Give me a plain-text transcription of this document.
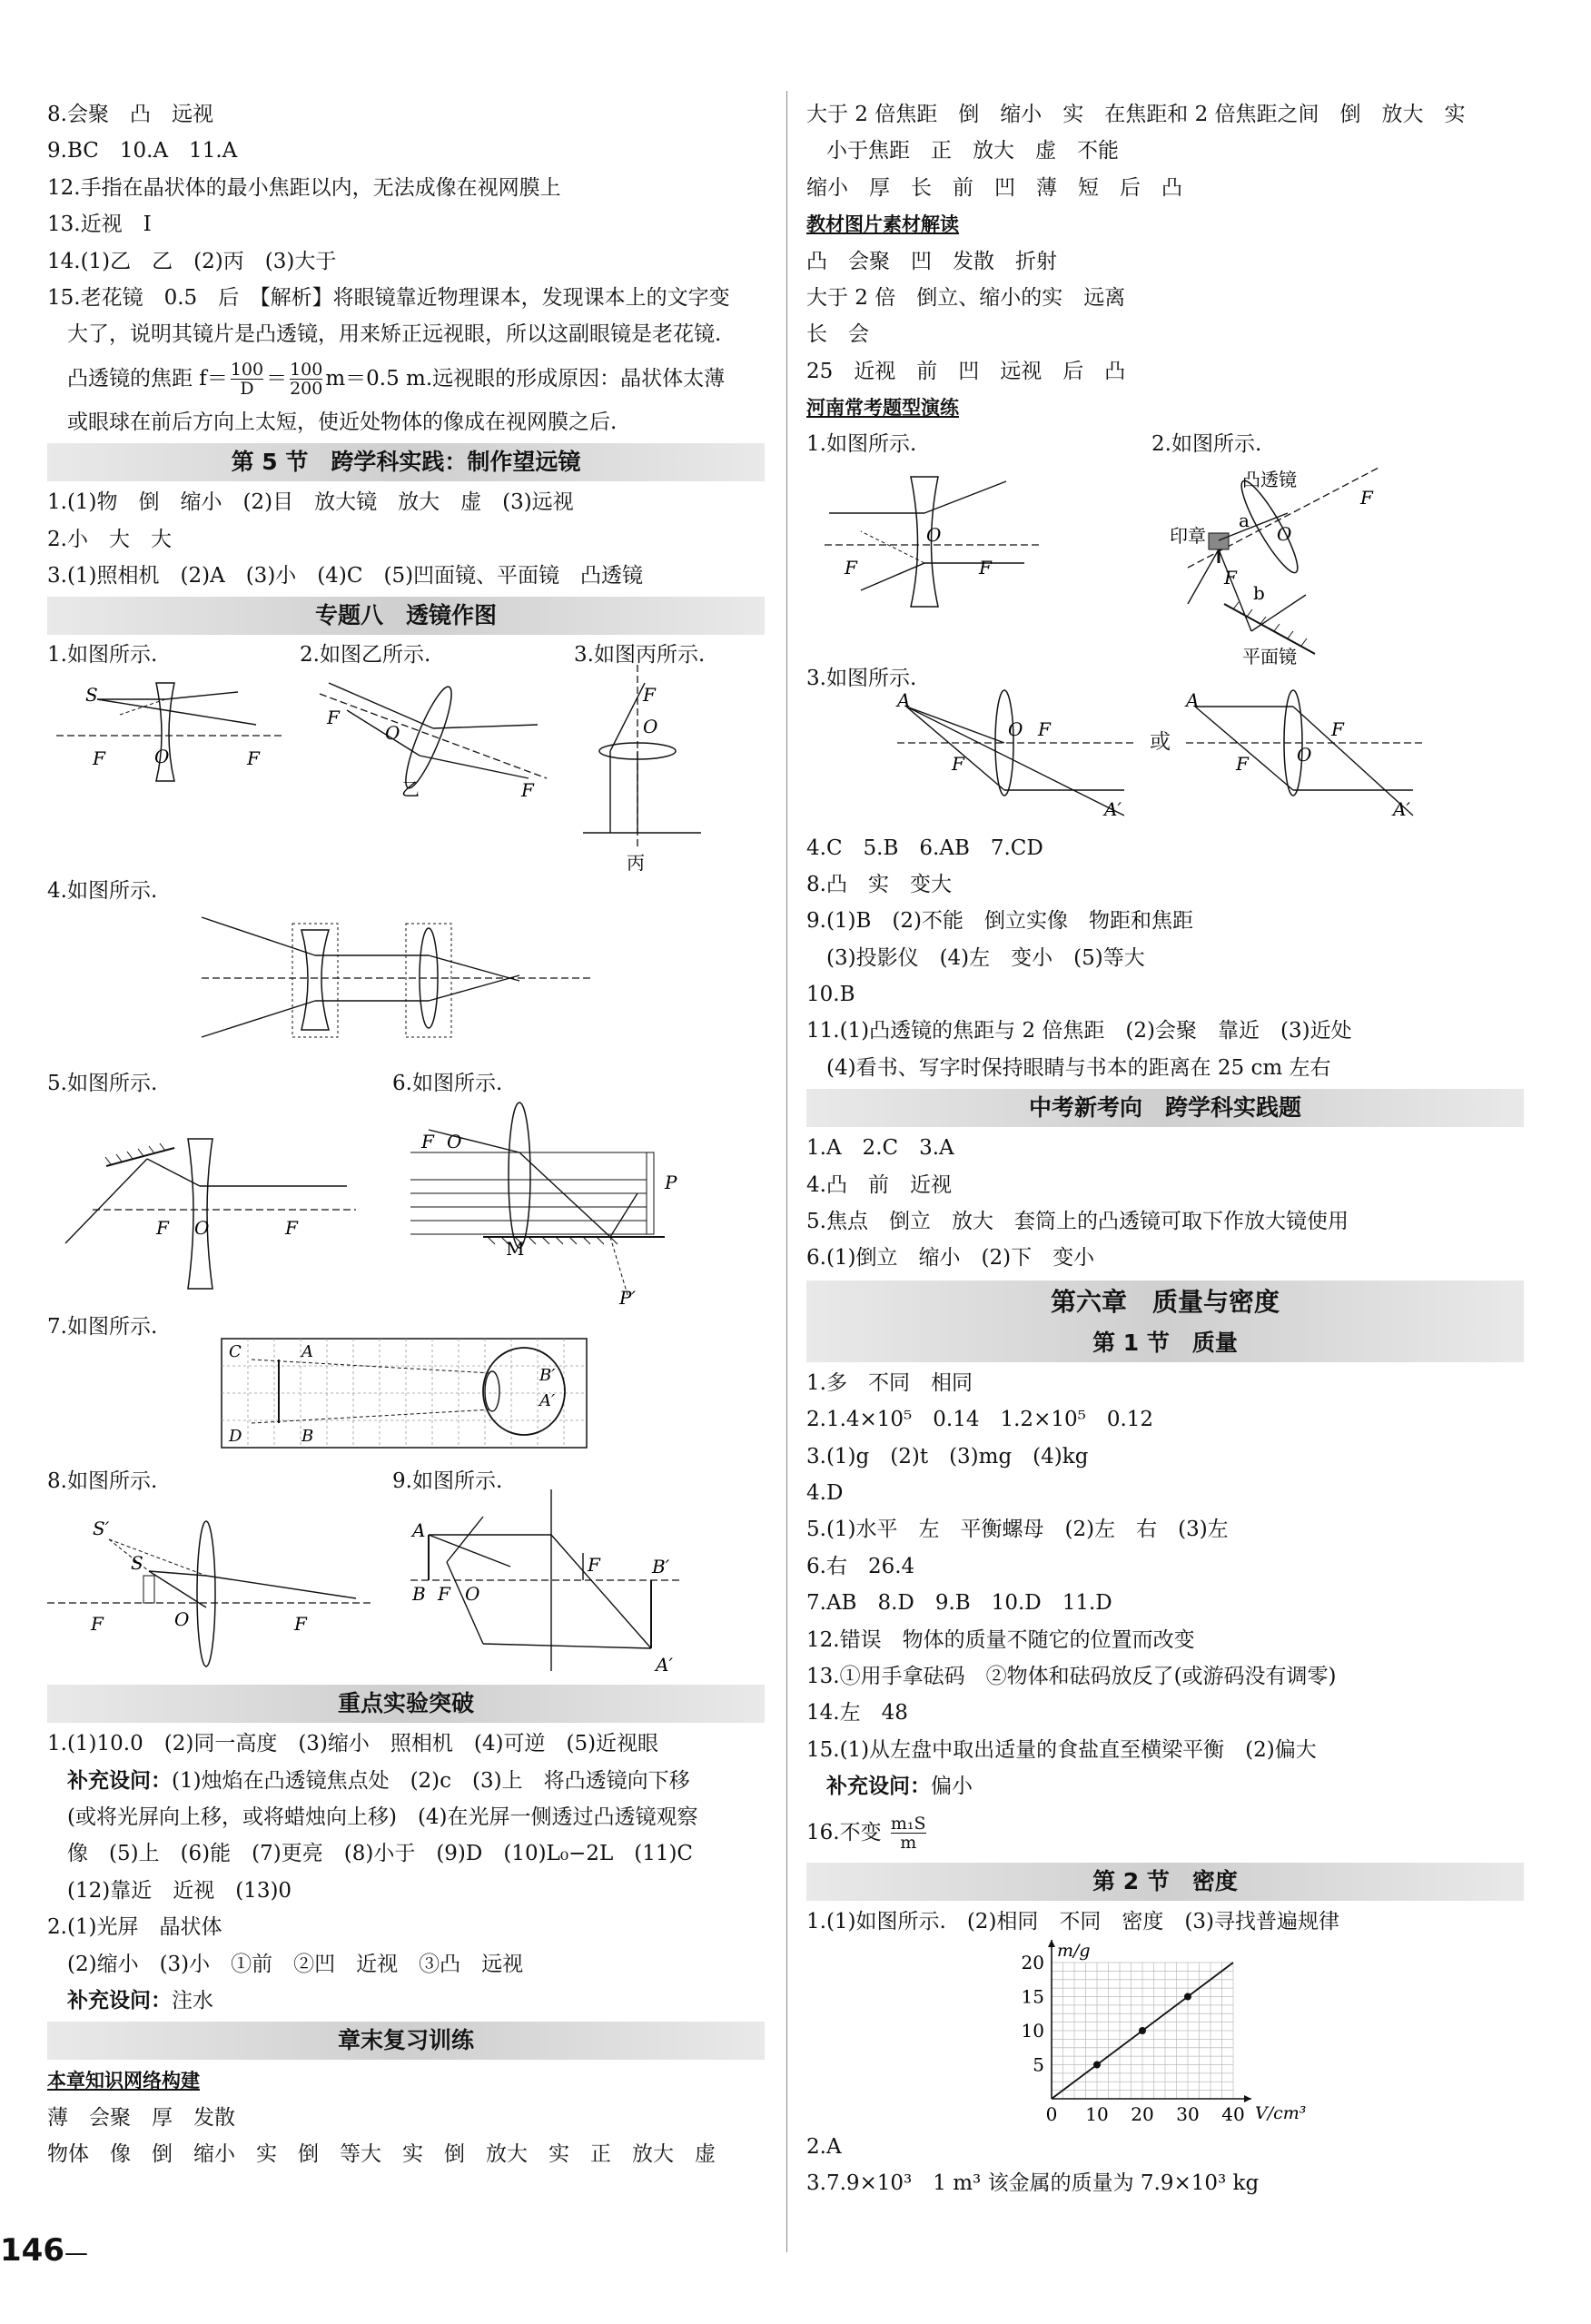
8.会聚　凸　远视
9.BC　10.A　11.A
12.手指在晶状体的最小焦距以内，无法成像在视网膜上
13.近视　Ⅰ
14.(1)乙　乙　(2)丙　(3)大于
15.老花镜　0.5　后　【解析】将眼镜靠近物理课本，发现课本上的文字变
大了，说明其镜片是凸透镜，用来矫正远视眼，所以这副眼镜是老花镜.
凸透镜的焦距 $f= \frac{100}{D} = \frac{100}{200} m=0.5$ m.远视眼的形成原因：晶状体太薄
或眼球在前后方向上太短，使近处物体的像成在视网膜之后.
第 5 节　跨学科实践：制作望远镜
1.(1)物　倒　缩小　(2)目　放大镜　放大　虚　(3)远视
2.小　大　大
3.(1)照相机　(2)A　(3)小　(4)C　(5)凹面镜、平面镜　凸透镜
专题八　透镜作图
1.如图所示.	2.如图乙所示.	3.如图丙所示.
S
F	O	F
F
O
F
乙
F
O
丙
4.如图所示.
5.如图所示.	6.如图所示.
F O	F
F O
P
P′
M
7.如图所示.
C
D
A
B
B′
A′
8.如图所示.	9.如图所示.
S′
S
F	O	F
A
B F O
F	B′
A′
重点实验突破
1.(1)10.0　(2)同一高度　(3)缩小　照相机　(4)可逆　(5)近视眼
补充设问：(1)烛焰在凸透镜焦点处　(2)c　(3)上　将凸透镜向下移
(或将光屏向上移，或将蜡烛向上移)　(4)在光屏一侧透过凸透镜观察
像　(5)上　(6)能　(7)更亮　(8)小于　(9)D　(10)L₀−2L　(11)C
(12)靠近　近视　(13)0
2.(1)光屏　晶状体
(2)缩小　(3)小　①前　②凹　近视　③凸　远视
补充设问：注水
章末复习训练
本章知识网络构建
薄　会聚　厚　发散
物体　像　倒　缩小　实　倒　等大　实　倒　放大　实　正　放大　虚
大于 2 倍焦距　倒　缩小　实　在焦距和 2 倍焦距之间　倒　放大　实
小于焦距　正　放大　虚　不能
缩小　厚　长　前　凹　薄　短　后　凸
教材图片素材解读
凸　会聚　凹　发散　折射
大于 2 倍　倒立、缩小的实　远离
长　会
25　近视　前　凹　远视　后　凸
河南常考题型演练
1.如图所示.	2.如图所示.
F
O
F
凸透镜
印章
平面镜
a
b
F
O
F
3.如图所示.
A
F
O F
A′
或
A
F	O
F
A′
4.C　5.B　6.AB　7.CD
8.凸　实　变大
9.(1)B　(2)不能　倒立实像　物距和焦距
(3)投影仪　(4)左　变小　(5)等大
10.B
11.(1)凸透镜的焦距与 2 倍焦距　(2)会聚　靠近　(3)近处
(4)看书、写字时保持眼睛与书本的距离在 25 cm 左右
中考新考向　跨学科实践题
1.A　2.C　3.A
4.凸　前　近视
5.焦点　倒立　放大　套筒上的凸透镜可取下作放大镜使用
6.(1)倒立　缩小　(2)下　变小
第六章　质量与密度
第 1 节　质量
1.多　不同　相同
2.1.4×10⁵　0.14　1.2×10⁵　0.12
3.(1)g　(2)t　(3)mg　(4)kg
4.D
5.(1)水平　左　平衡螺母　(2)左　右　(3)左
6.右　26.4
7.AB　8.D　9.B　10.D　11.D
12.错误　物体的质量不随它的位置而改变
13.①用手拿砝码　②物体和砝码放反了(或游码没有调零)
14.左　48
15.(1)从左盘中取出适量的食盐直至横梁平衡　(2)偏大
补充设问：偏小
16.不变 $\frac{\text{m₁S}}{m}$
第 2 节　密度
1.(1)如图所示.　(2)相同　不同　密度　(3)寻找普遍规律
0 10 20 30 40
5
10
15
20
V/cm³
m/g
2.A
3.7.9×10³　1 m³ 该金属的质量为 7.9×10³ kg
146—
